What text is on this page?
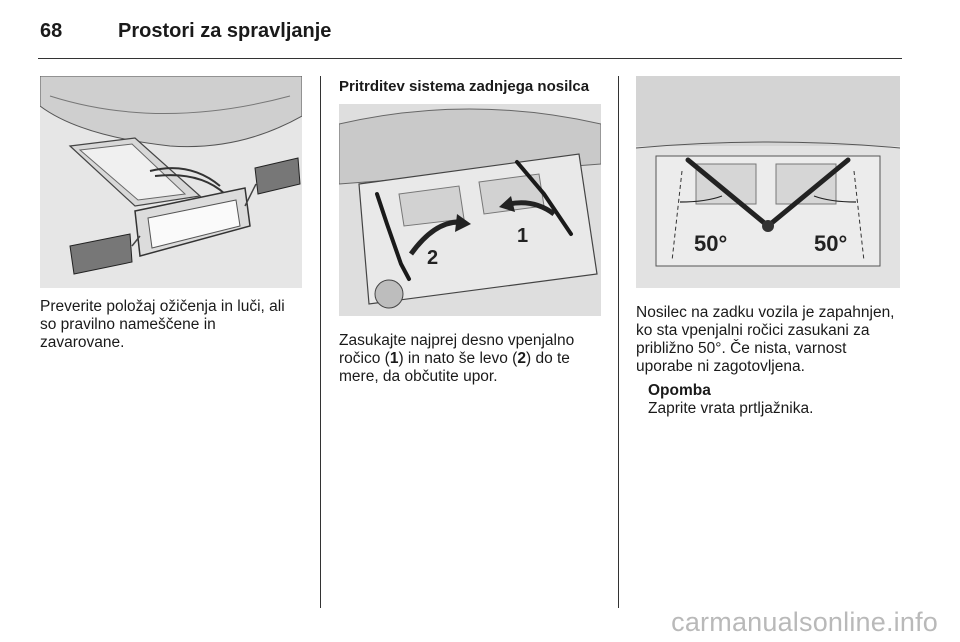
68	Prostori za spravljanje
Preverite položaj ožičenja in luči, ali so pravilno nameščene in zavarovane.
Pritrditev sistema zadnjega nosilca
2
1
Zasukajte najprej desno vpenjalno ročico (1) in nato še levo (2) do te mere, da občutite upor.
50°	50°
Nosilec na zadku vozila je zapahnjen, ko sta vpenjalni ročici zasukani za približno 50°. Če nista, varnost uporabe ni zagotovljena.
Opomba
Zaprite vrata prtljažnika.
carmanualsonline.info
